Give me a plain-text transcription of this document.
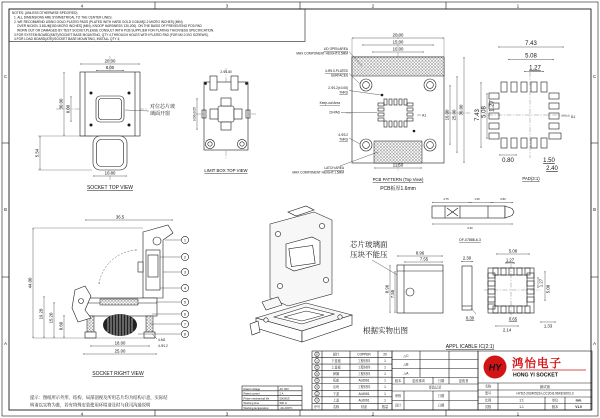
4	3	2	1
4	3	2	1
C
B
A
C
B
A
NOTES: (UNLESS OTHERWISE SPECIFIED)
1. ALL DIMENSIONS ARE SYMMETRICAL TO THE CENTER LINES.
2. WE RECOMMEND USING GOLD PLATED PADS (PLATED WITH HARD GOLD 0.03UM[1.2 MICRO INCHES] (MIN)
OVER NICKEL 3.81UM[150 MICRO INCHES] (MIN), KNOOP HARDNESS 130-200). ON THE BASIS OF PREVENTING PCB PAD
WORN OUT OR DAMAGED BY TEST SOCKET,PLEASE CONSULT WITH PCB SUPPLIER FOR PLATING THICKNESS SPECIFICATION.
3.FOR SYSTEM BOARD(SMT)/SOCKET BASE MOUNTING, QTY 4,THROUGH HOLES WITH PLATED PAD (FOR M2.0 ISO SCREWS).
4.FOR LOAD BOARD(ATE)/SOCKET BASE MOUNTING, INSTALL QTY 4;
20.00
8.00
30.00 8.00
5.54
10.80
SOCKET TOP VIEW
对位芯片玻
璃面开窗
2-Φ1.80
9.06±0.05
LIMIT BOX TOP VIEW
20.00
15.00
10.00
A1
11.50
16.00 25.00 30.00
LID OPEN AREA
MAX COMPONENT HEIGHT:6.5MM
4-Φ5.0-PLATED
SURFACES
2-Φ1.2(±0.05)
THRU
Keep-out Area
20-PAD
4-Φ3.2
THRU
LATCH AREA
MAX COMPONENT HEIGHT:1.5MM
PCB PATTERN (Top View)
PCB板厚1.6mm
7.43
5.08
1.27
7.43 5.08
1.27
0.80	1.50
2.40
A1
PAD(3:1)
4.75	1.50	0.80
6.30
DF-07888-6.3
芯片玻璃面
压块不能压	8.96
7.55
8.96
7.55
根据实物出图
2.30
0.30
5.08
1.27
1.27
5.08
0.65
2.14
1.33
APPL ICABLE IC(2:1)
36.5
44.00
19.28 15.20
8.60
18.00
25.00
4-M2
4-Φ1.2
1
2
3
4
5
6
7
8
SOCKET RIGHT VIEW
Rated voltage	AC 36V
Rated current	2 A
Probe mechanical life	50000次
Working time	500 H
Working temperature	-40~150°C
提示：图纸所示外形、结构、局部剖视及所用芯片均为结构示意，实际结
构请以实物为准，若有特殊安装使用环境请及时与我司沟通说明
8	探针	COPPER	20
7	下盖板	工程材料	1
6	上盖板	工程材料	1
5	弹簧	工程材料	1
4	底座	AL6061	1
3	压块	工程材料	1
2	下盖	AL6061	1
1	上盖	AL6061	1
序号	名称	材质	数量
△C
△B
△A
版本	更改事项	日期	更改者
更改记录
审核	日期
设计	日期
HY 鸿怡电子
HONG YI SOCKET
名称	测试座
型号	HYDZ-20240523-LCC20-8.96X8.96X2.3
比例	1:1	单位	mm
页数	1-1	版本	V1.0
